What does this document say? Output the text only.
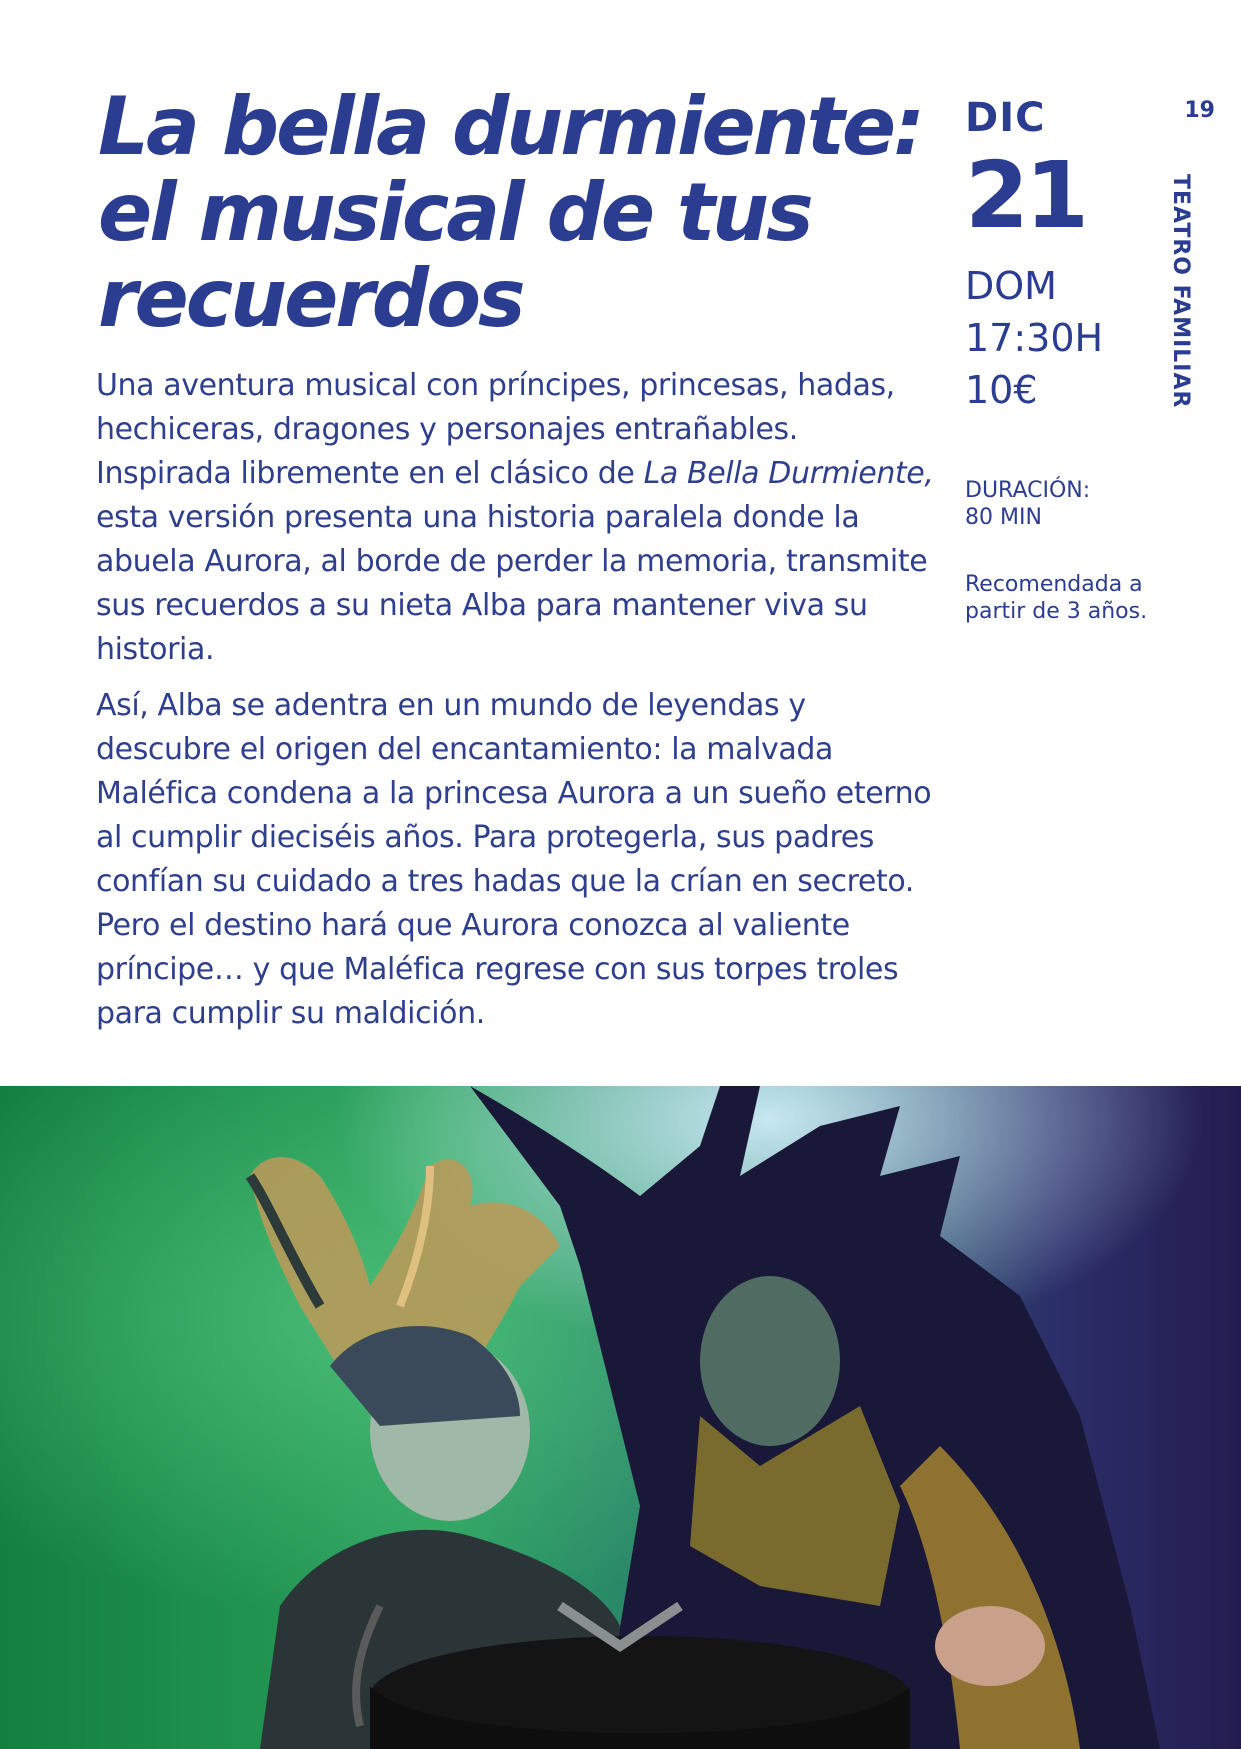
La bella durmiente: el musical de tus recuerdos

Una aventura musical con príncipes, princesas, hadas, hechiceras, dragones y personajes entrañables. Inspirada libremente en el clásico de La Bella Durmiente, esta versión presenta una historia paralela donde la abuela Aurora, al borde de perder la memoria, transmite sus recuerdos a su nieta Alba para mantener viva su historia.

Así, Alba se adentra en un mundo de leyendas y descubre el origen del encantamiento: la malvada Maléfica condena a la princesa Aurora a un sueño eterno al cumplir dieciséis años. Para protegerla, sus padres confían su cuidado a tres hadas que la crían en secreto. Pero el destino hará que Aurora conozca al valiente príncipe… y que Maléfica regrese con sus torpes troles para cumplir su maldición.

DIC
21
DOM
17:30H
10€
DURACIÓN:
80 MIN
Recomendada a partir de 3 años.
19
TEATRO FAMILIAR
